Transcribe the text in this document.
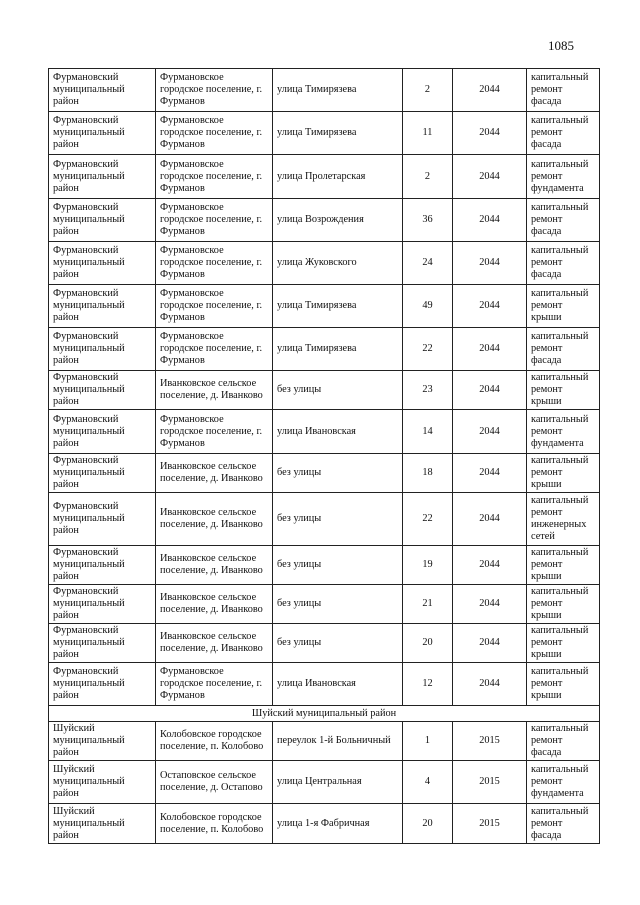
1085
Фурмановский муниципальный район	Фурмановское городское поселение, г. Фурманов	улица Тимирязева	2	2044	капитальный ремонт фасада
Фурмановский муниципальный район	Фурмановское городское поселение, г. Фурманов	улица Тимирязева	11	2044	капитальный ремонт фасада
Фурмановский муниципальный район	Фурмановское городское поселение, г. Фурманов	улица Пролетарская	2	2044	капитальный ремонт фундамента
Фурмановский муниципальный район	Фурмановское городское поселение, г. Фурманов	улица Возрождения	36	2044	капитальный ремонт фасада
Фурмановский муниципальный район	Фурмановское городское поселение, г. Фурманов	улица Жуковского	24	2044	капитальный ремонт фасада
Фурмановский муниципальный район	Фурмановское городское поселение, г. Фурманов	улица Тимирязева	49	2044	капитальный ремонт крыши
Фурмановский муниципальный район	Фурмановское городское поселение, г. Фурманов	улица Тимирязева	22	2044	капитальный ремонт фасада
Фурмановский муниципальный район	Иванковское сельское поселение, д. Иванково	без улицы	23	2044	капитальный ремонт крыши
Фурмановский муниципальный район	Фурмановское городское поселение, г. Фурманов	улица Ивановская	14	2044	капитальный ремонт фундамента
Фурмановский муниципальный район	Иванковское сельское поселение, д. Иванково	без улицы	18	2044	капитальный ремонт крыши
Фурмановский муниципальный район	Иванковское сельское поселение, д. Иванково	без улицы	22	2044	капитальный ремонт инженерных сетей
Фурмановский муниципальный район	Иванковское сельское поселение, д. Иванково	без улицы	19	2044	капитальный ремонт крыши
Фурмановский муниципальный район	Иванковское сельское поселение, д. Иванково	без улицы	21	2044	капитальный ремонт крыши
Фурмановский муниципальный район	Иванковское сельское поселение, д. Иванково	без улицы	20	2044	капитальный ремонт крыши
Фурмановский муниципальный район	Фурмановское городское поселение, г. Фурманов	улица Ивановская	12	2044	капитальный ремонт крыши
Шуйский муниципальный район					
Шуйский муниципальный район	Колобовское городское поселение, п. Колобово	переулок 1-й Больничный	1	2015	капитальный ремонт фасада
Шуйский муниципальный район	Остаповское сельское поселение, д. Остапово	улица Центральная	4	2015	капитальный ремонт фундамента
Шуйский муниципальный район	Колобовское городское поселение, п. Колобово	улица 1-я Фабричная	20	2015	капитальный ремонт фасада
